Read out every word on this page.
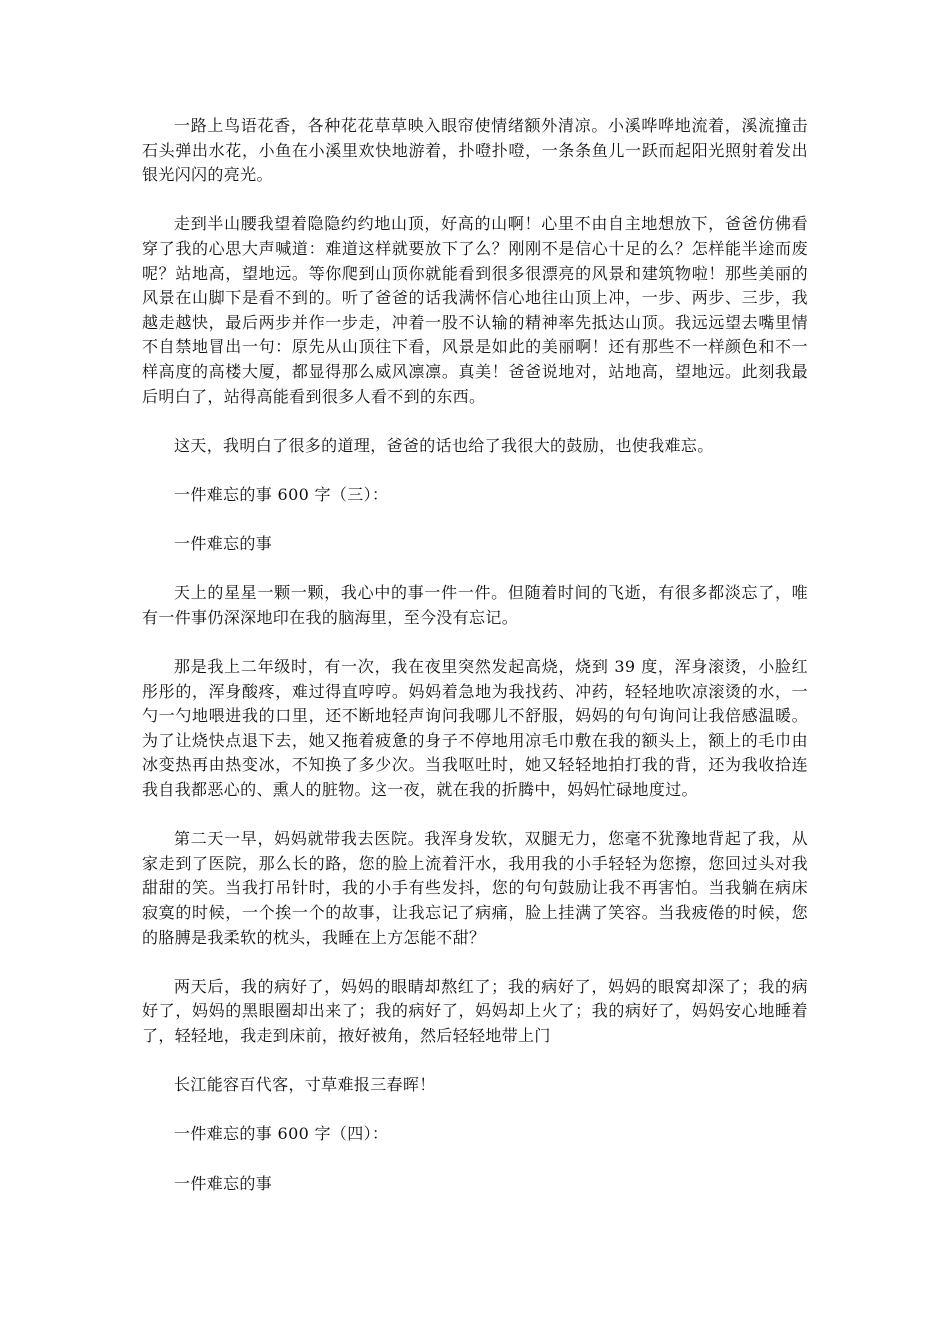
一路上鸟语花香，各种花花草草映入眼帘使情绪额外清凉。小溪哗哗地流着，溪流撞击石头弹出水花，小鱼在小溪里欢快地游着，扑噔扑噔，一条条鱼儿一跃而起阳光照射着发出银光闪闪的亮光。

走到半山腰我望着隐隐约约地山顶，好高的山啊！心里不由自主地想放下，爸爸仿佛看穿了我的心思大声喊道：难道这样就要放下了么？刚刚不是信心十足的么？怎样能半途而废呢？站地高，望地远。等你爬到山顶你就能看到很多很漂亮的风景和建筑物啦！那些美丽的风景在山脚下是看不到的。听了爸爸的话我满怀信心地往山顶上冲，一步、两步、三步，我越走越快，最后两步并作一步走，冲着一股不认输的精神率先抵达山顶。我远远望去嘴里情不自禁地冒出一句：原先从山顶往下看，风景是如此的美丽啊！还有那些不一样颜色和不一样高度的高楼大厦，都显得那么威风凛凛。真美！爸爸说地对，站地高，望地远。此刻我最后明白了，站得高能看到很多人看不到的东西。

这天，我明白了很多的道理，爸爸的话也给了我很大的鼓励，也使我难忘。

一件难忘的事 600 字（三）：

一件难忘的事

天上的星星一颗一颗，我心中的事一件一件。但随着时间的飞逝，有很多都淡忘了，唯有一件事仍深深地印在我的脑海里，至今没有忘记。

那是我上二年级时，有一次，我在夜里突然发起高烧，烧到 39 度，浑身滚烫，小脸红彤彤的，浑身酸疼，难过得直哼哼。妈妈着急地为我找药、冲药，轻轻地吹凉滚烫的水，一勺一勺地喂进我的口里，还不断地轻声询问我哪儿不舒服，妈妈的句句询问让我倍感温暖。为了让烧快点退下去，她又拖着疲惫的身子不停地用凉毛巾敷在我的额头上，额上的毛巾由冰变热再由热变冰，不知换了多少次。当我呕吐时，她又轻轻地拍打我的背，还为我收拾连我自我都恶心的、熏人的脏物。这一夜，就在我的折腾中，妈妈忙碌地度过。

第二天一早，妈妈就带我去医院。我浑身发软，双腿无力，您毫不犹豫地背起了我，从家走到了医院，那么长的路，您的脸上流着汗水，我用我的小手轻轻为您擦，您回过头对我甜甜的笑。当我打吊针时，我的小手有些发抖，您的句句鼓励让我不再害怕。当我躺在病床寂寞的时候，一个挨一个的故事，让我忘记了病痛，脸上挂满了笑容。当我疲倦的时候，您的胳膊是我柔软的枕头，我睡在上方怎能不甜？

两天后，我的病好了，妈妈的眼睛却熬红了；我的病好了，妈妈的眼窝却深了；我的病好了，妈妈的黑眼圈却出来了；我的病好了，妈妈却上火了；我的病好了，妈妈安心地睡着了，轻轻地，我走到床前，掖好被角，然后轻轻地带上门

长江能容百代客，寸草难报三春晖！

一件难忘的事 600 字（四）：

一件难忘的事
